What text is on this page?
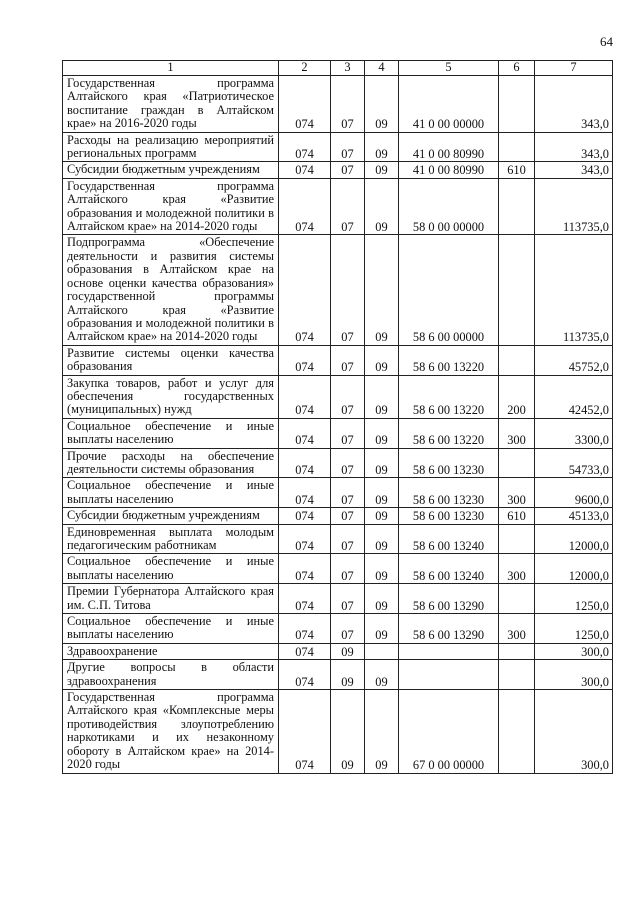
64
1	2	3	4	5	6	7
Государственная программа Алтайского края «Патриотическое воспитание граждан в Алтайском крае» на 2016-2020 годы	074	07	09	41 0 00 00000		343,0
Расходы на реализацию мероприятий региональных программ	074	07	09	41 0 00 80990		343,0
Субсидии бюджетным учреждениям	074	07	09	41 0 00 80990	610	343,0
Государственная программа Алтайского края «Развитие образования и молодежной политики в Алтайском крае» на 2014-2020 годы	074	07	09	58 0 00 00000		113735,0
Подпрограмма «Обеспечение деятельности и развития системы образования в Алтайском крае на основе оценки качества образования» государственной программы Алтайского края «Развитие образования и молодежной политики в Алтайском крае» на 2014-2020 годы	074	07	09	58 6 00 00000		113735,0
Развитие системы оценки качества образования	074	07	09	58 6 00 13220		45752,0
Закупка товаров, работ и услуг для обеспечения государственных (муниципальных) нужд	074	07	09	58 6 00 13220	200	42452,0
Социальное обеспечение и иные выплаты населению	074	07	09	58 6 00 13220	300	3300,0
Прочие расходы на обеспечение деятельности системы образования	074	07	09	58 6 00 13230		54733,0
Социальное обеспечение и иные выплаты населению	074	07	09	58 6 00 13230	300	9600,0
Субсидии бюджетным учреждениям	074	07	09	58 6 00 13230	610	45133,0
Единовременная выплата молодым педагогическим работникам	074	07	09	58 6 00 13240		12000,0
Социальное обеспечение и иные выплаты населению	074	07	09	58 6 00 13240	300	12000,0
Премии Губернатора Алтайского края им. С.П. Титова	074	07	09	58 6 00 13290		1250,0
Социальное обеспечение и иные выплаты населению	074	07	09	58 6 00 13290	300	1250,0
Здравоохранение	074	09				300,0
Другие вопросы в области здравоохранения	074	09	09			300,0
Государственная программа Алтайского края «Комплексные меры противодействия злоупотреблению наркотиками и их незаконному обороту в Алтайском крае» на 2014-2020 годы	074	09	09	67 0 00 00000		300,0
